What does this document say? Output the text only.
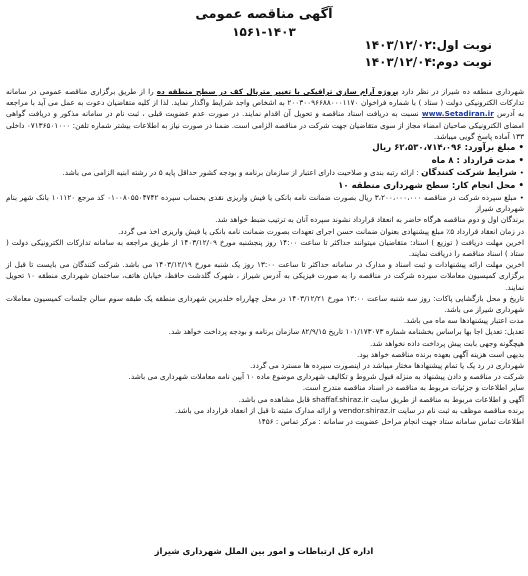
آگهی مناقصه عمومی
۱۵۶۱-۱۴۰۳
نوبت اول: ۱۴۰۳/۱۲/۰۲
نوبت دوم: ۱۴۰۳/۱۲/۰۴

شهرداری منطقه ده شیراز در نظر دارد پروژه آرام سازی ترافیکی با تغییر متریال کف در سطح منطقه ده را از طریق برگزاری مناقصه عمومی در سامانه تدارکات الکترونیکی دولت ( ستاد ) با شماره فراخوان ۲۰۰۳۰۰۹۶۶۸۸۰۰۰۱۱۷۰ به اشخاص واجد شرایط واگذار نماید. لذا از کلیه متقاضیان دعوت به عمل می آید با مراجعه به آدرس www.Setadiran.ir نسبت به دریافت اسناد مناقصه و تحویل آن اقدام نمایند. در صورت عدم عضویت قبلی ، ثبت نام در سامانه مذکور و دریافت گواهی امضای الکترونیکی صاحبان امضاء مجاز از سوی متقاضیان جهت شرکت در مناقصه الزامی است. ضمنا در صورت نیاز به اطلاعات بیشتر شماره تلفن: ۰۷۱۳۶۵۰۱۰۰۰ داخلی ۱۳۳ آماده پاسخ گویی میباشد.

• مبلغ برآورد: ۶۲،۵۳۰،۷۱۴،۰۹۶ ریال

• مدت قرارداد : ۸ ماه

• شرایط شرکت کنندگان : ارائه رتبه بندی و صلاحیت دارای اعتبار از سازمان برنامه و بودجه کشور حداقل پایه ۵ در رشته ابنیه الزامی می باشد.

• محل انجام کار: سطح شهرداری منطقه ۱۰

• مبلغ سپرده شرکت در مناقصه ۳،۲۰۰،۰۰۰،۰۰۰ ریال بصورت ضمانت نامه بانکی یا فیش واریزی نقدی بحساب سپرده ۰۱۰۰۸۰۵۵۰۴۷۴۲ کد مرجع ۱۰۱۱۲۰ بانک شهر بنام شهرداری شیراز

برندگان اول و دوم مناقصه هرگاه حاضر به انعقاد قرارداد نشوند سپرده آنان به ترتیب ضبط خواهد شد.

در زمان انعقاد قرارداد ۵٪ مبلغ پیشنهادی بعنوان ضمانت حسن اجرای تعهدات بصورت ضمانت نامه بانکی یا فیش واریزی اخذ می گردد.

اخرین مهلت دریافت ( توزیع ) اسناد: متقاضیان میتوانند حداکثر تا ساعت ۱۴:۰۰ روز پنجشنبه مورخ ۱۴۰۳/۱۲/۰۹ از طریق مراجعه به سامانه تدارکات الکترونیکی دولت ( ستاد ) اسناد مناقصه را دریافت نمایند.

اخرین مهلت ارائه پیشنهادات و ثبت اسناد و مدارک در سامانه حداکثر تا ساعت ۱۳:۰۰ روز یک شنبه مورخ ۱۴۰۳/۱۲/۱۹ می باشد. شرکت کنندگان می بایست تا قبل از برگزاری کمیسیون معاملات سپرده شرکت در مناقصه را به صورت فیزیکی به آدرس شیراز ، شهرک گلدشت حافظ، خیابان هاتف، ساختمان شهرداری منطقه ۱۰ تحویل نمایند.

تاریخ و محل بازگشایی پاکات: روز سه شنبه ساعت ۱۳:۰۰ مورخ ۱۴۰۳/۱۲/۲۱ در محل چهارراه خلدبرین شهرداری منطقه یک طبقه سوم سالن جلسات کمیسیون معاملات شهرداری شیراز می باشد.

مدت اعتبار پیشنهادها سه ماه می باشد.

تعدیل: تعدیل اجا بها براساس بخشنامه شماره ۱۰۱/۱۷۳۰۷۳ تاریخ ۸۲/۹/۱۵ سازمان برنامه و بودجه پرداخت خواهد شد.

هیچگونه وجهی بابت پیش پرداخت داده نخواهد شد.

بدیهی است هزینه آگهی بعهده برنده مناقصه خواهد بود.

شهرداری در رد یک یا تمام پیشنهادها مختار میباشد در اینصورت سپرده ها مسترد می گردد.

شرکت در مناقصه و دادن پیشنهاد به منزله قبول شروط و تکالیف شهرداری موضوع ماده ۱۰ آیین نامه معاملات شهرداری می باشد.

سایر اطلاعات و جزئیات مربوط به مناقصه در اسناد مناقصه مندرج است.

آگهی و اطلاعات مربوط به مناقصه از طریق سایت shaffaf.shiraz.ir قابل مشاهده می باشد.

برنده مناقصه موظف به ثبت نام در سایت vendor.shiraz.ir و ارائه مدارک مثبته تا قبل از انعقاد قرارداد می باشد.

اطلاعات تماس سامانه ستاد جهت انجام مراحل عضویت در سامانه : مرکز تماس : ۱۴۵۶

اداره کل ارتباطات و امور بین الملل شهرداری شیراز
